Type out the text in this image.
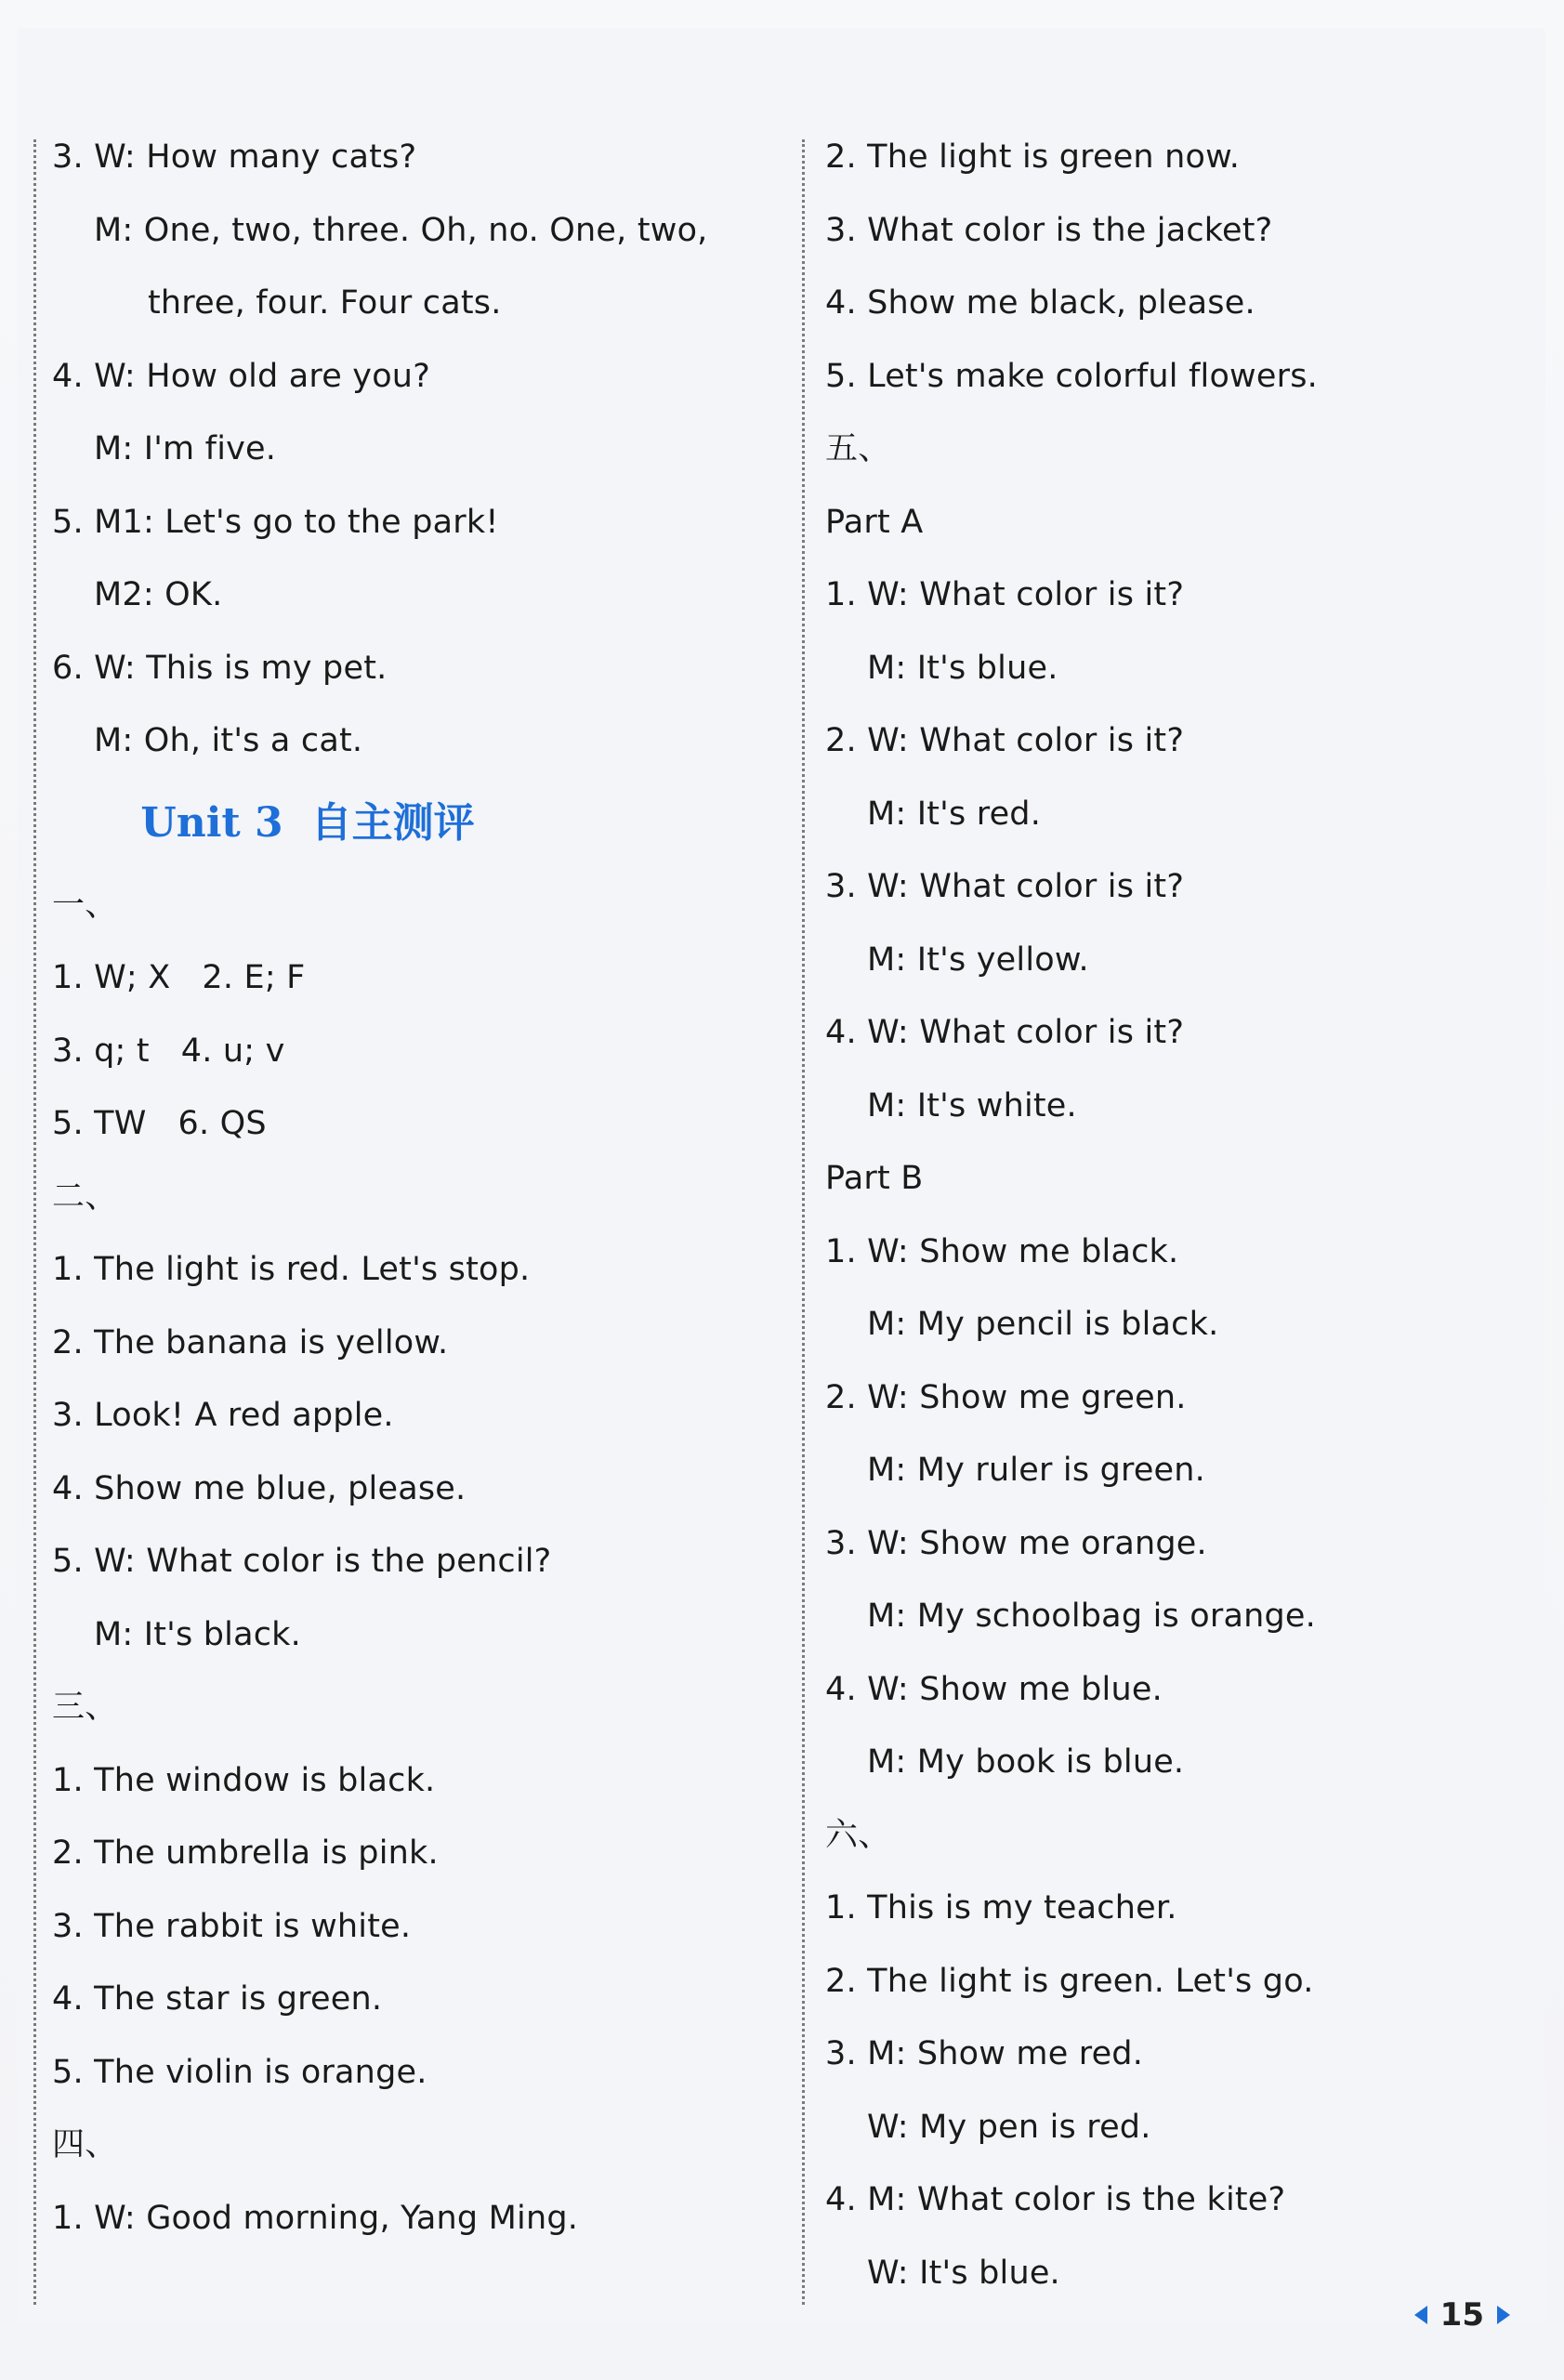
3. W: How many cats?
M: One, two, three. Oh, no. One, two,
three, four. Four cats.
4. W: How old are you?
M: I'm five.
5. M1: Let's go to the park!
M2: OK.
6. W: This is my pet.
M: Oh, it's a cat.
Unit 3 自主测评
一、
1. W; X   2. E; F
3. q; t   4. u; v
5. TW   6. QS
二、
1. The light is red. Let's stop.
2. The banana is yellow.
3. Look! A red apple.
4. Show me blue, please.
5. W: What color is the pencil?
M: It's black.
三、
1. The window is black.
2. The umbrella is pink.
3. The rabbit is white.
4. The star is green.
5. The violin is orange.
四、
1. W: Good morning, Yang Ming.
2. The light is green now.
3. What color is the jacket?
4. Show me black, please.
5. Let's make colorful flowers.
五、
Part A
1. W: What color is it?
M: It's blue.
2. W: What color is it?
M: It's red.
3. W: What color is it?
M: It's yellow.
4. W: What color is it?
M: It's white.
Part B
1. W: Show me black.
M: My pencil is black.
2. W: Show me green.
M: My ruler is green.
3. W: Show me orange.
M: My schoolbag is orange.
4. W: Show me blue.
M: My book is blue.
六、
1. This is my teacher.
2. The light is green. Let's go.
3. M: Show me red.
W: My pen is red.
4. M: What color is the kite?
W: It's blue.
15
